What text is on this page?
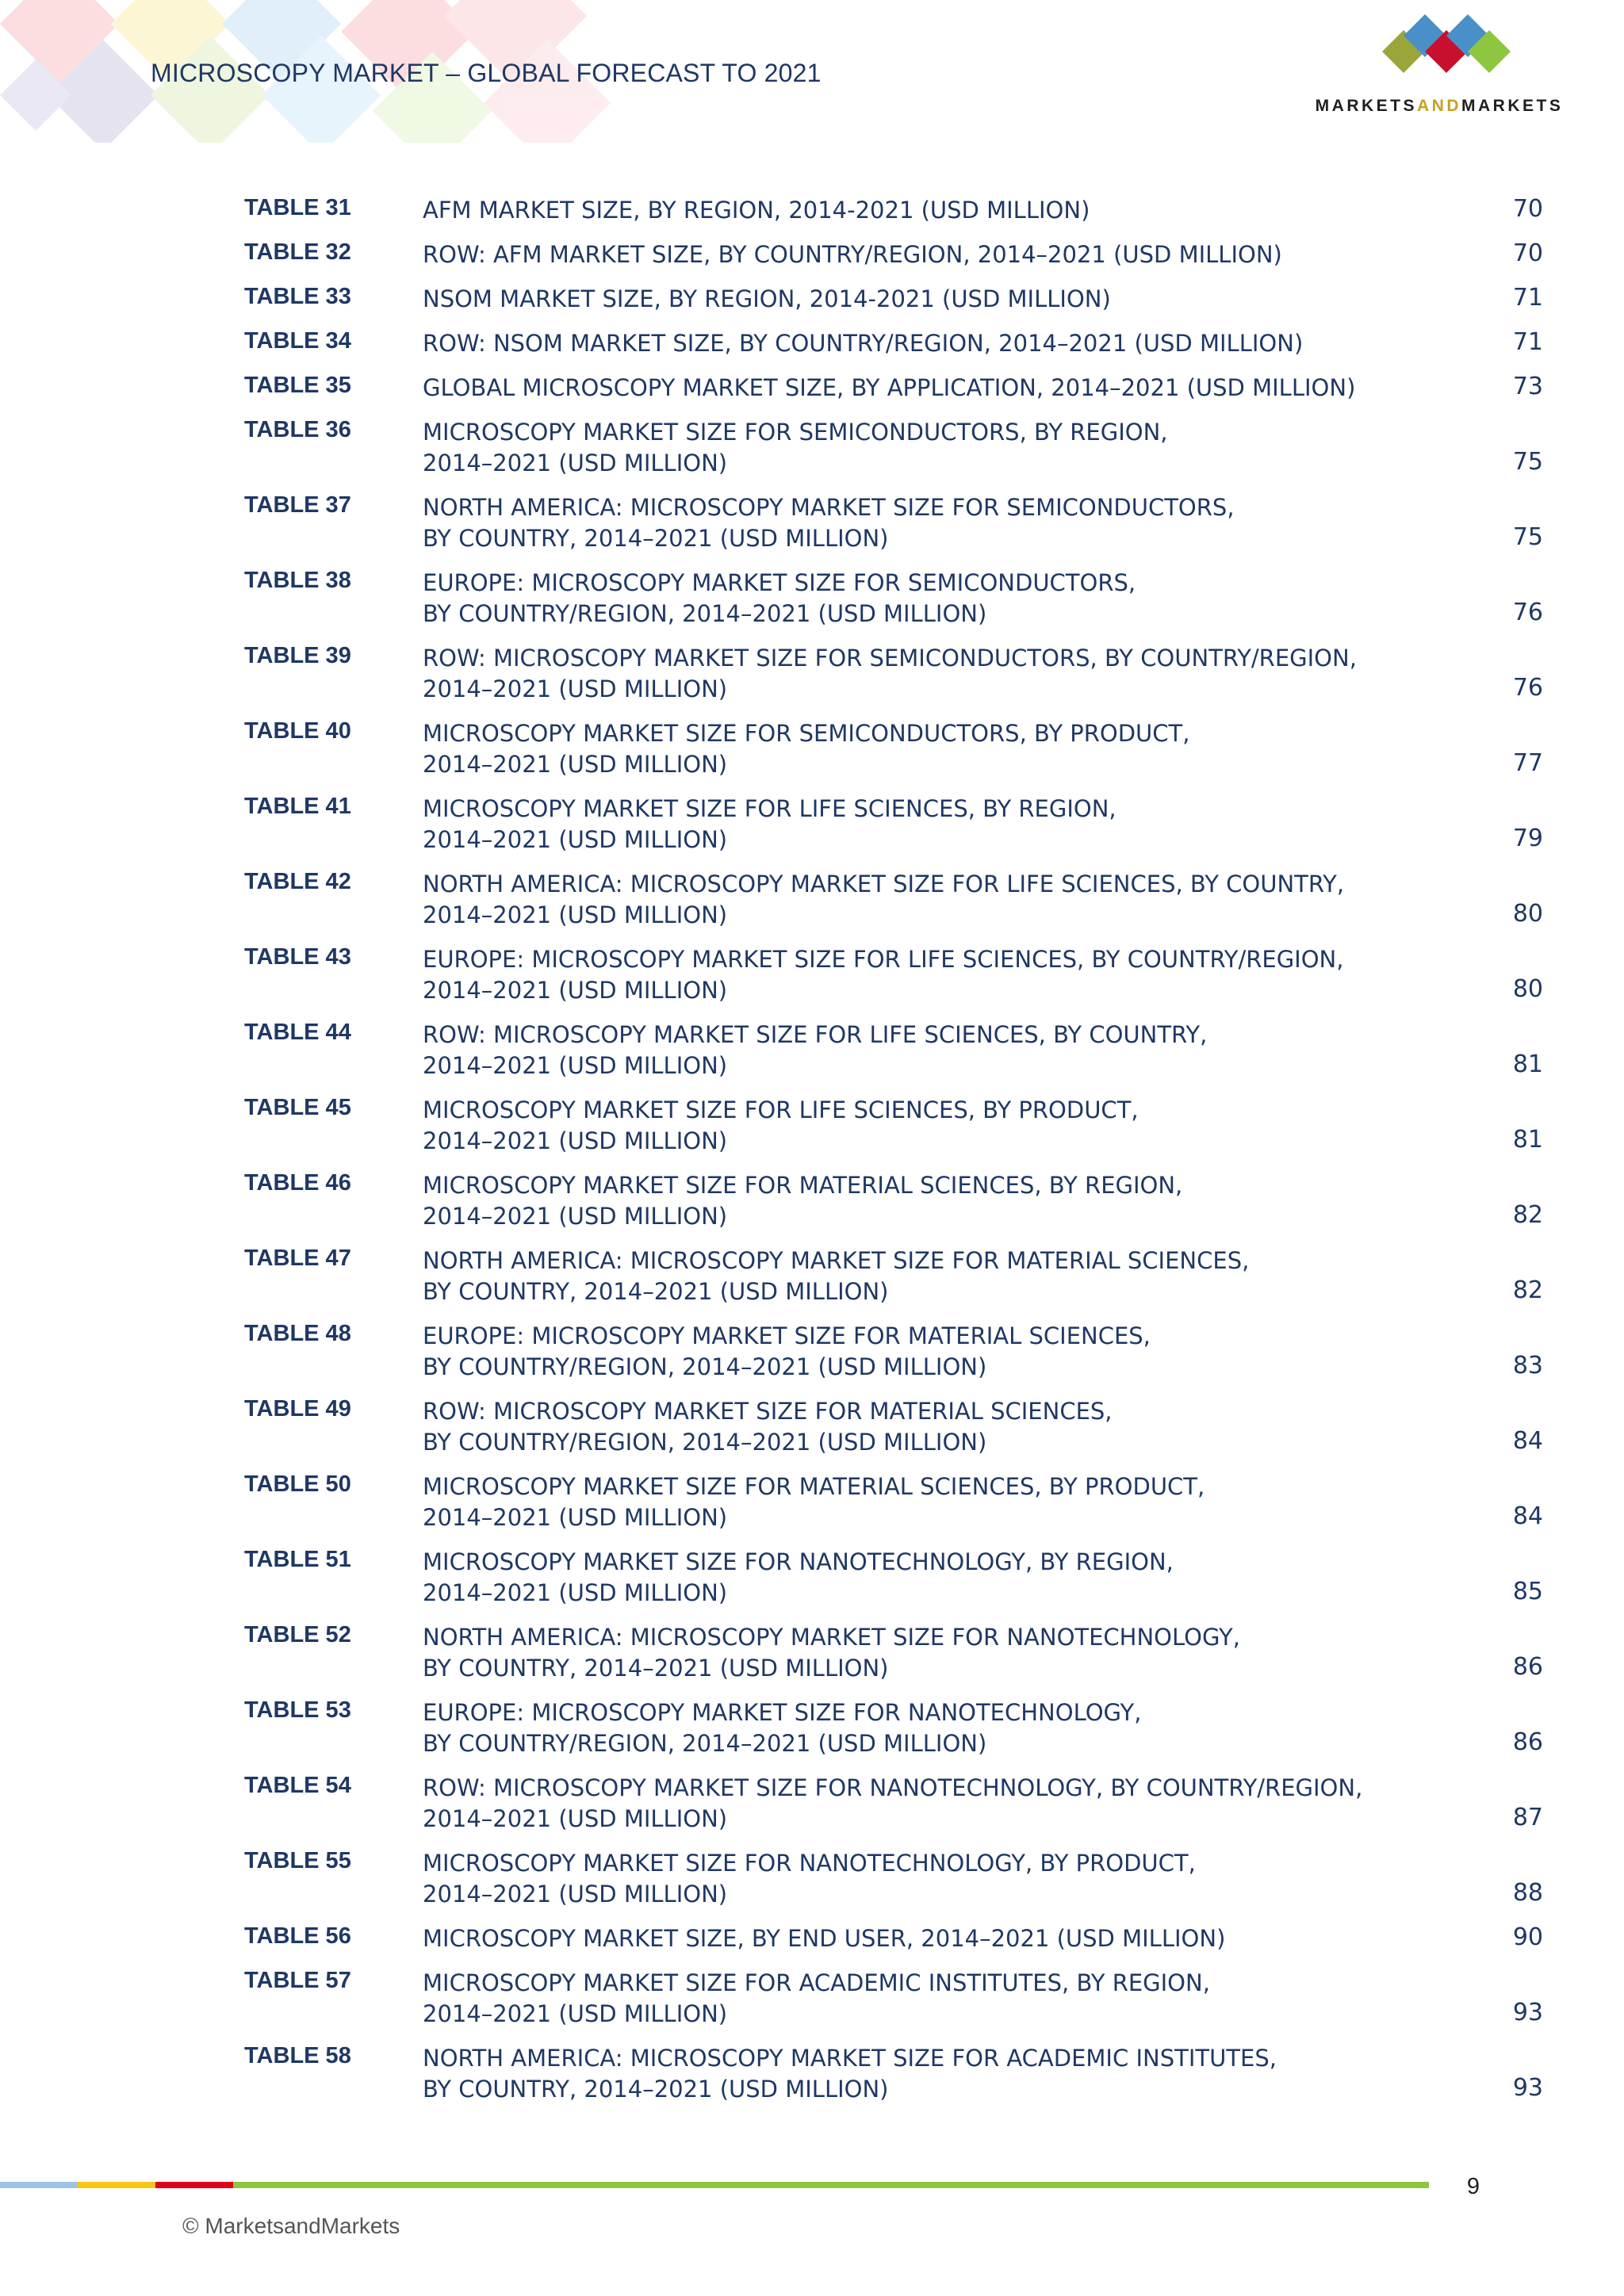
MICROSCOPY MARKET – GLOBAL FORECAST TO 2021
MARKETSANDMARKETS
TABLE 31	AFM MARKET SIZE, BY REGION, 2014-2021 (USD MILLION)	70
TABLE 32	ROW: AFM MARKET SIZE, BY COUNTRY/REGION, 2014–2021 (USD MILLION)	70
TABLE 33	NSOM MARKET SIZE, BY REGION, 2014-2021 (USD MILLION)	71
TABLE 34	ROW: NSOM MARKET SIZE, BY COUNTRY/REGION, 2014–2021 (USD MILLION)	71
TABLE 35	GLOBAL MICROSCOPY MARKET SIZE, BY APPLICATION, 2014–2021 (USD MILLION)	73
TABLE 36	MICROSCOPY MARKET SIZE FOR SEMICONDUCTORS, BY REGION,
2014–2021 (USD MILLION)	75
TABLE 37	NORTH AMERICA: MICROSCOPY MARKET SIZE FOR SEMICONDUCTORS,
BY COUNTRY, 2014–2021 (USD MILLION)	75
TABLE 38	EUROPE: MICROSCOPY MARKET SIZE FOR SEMICONDUCTORS,
BY COUNTRY/REGION, 2014–2021 (USD MILLION)	76
TABLE 39	ROW: MICROSCOPY MARKET SIZE FOR SEMICONDUCTORS, BY COUNTRY/REGION,
2014–2021 (USD MILLION)	76
TABLE 40	MICROSCOPY MARKET SIZE FOR SEMICONDUCTORS, BY PRODUCT,
2014–2021 (USD MILLION)	77
TABLE 41	MICROSCOPY MARKET SIZE FOR LIFE SCIENCES, BY REGION,
2014–2021 (USD MILLION)	79
TABLE 42	NORTH AMERICA: MICROSCOPY MARKET SIZE FOR LIFE SCIENCES, BY COUNTRY,
2014–2021 (USD MILLION)	80
TABLE 43	EUROPE: MICROSCOPY MARKET SIZE FOR LIFE SCIENCES, BY COUNTRY/REGION,
2014–2021 (USD MILLION)	80
TABLE 44	ROW: MICROSCOPY MARKET SIZE FOR LIFE SCIENCES, BY COUNTRY,
2014–2021 (USD MILLION)	81
TABLE 45	MICROSCOPY MARKET SIZE FOR LIFE SCIENCES, BY PRODUCT,
2014–2021 (USD MILLION)	81
TABLE 46	MICROSCOPY MARKET SIZE FOR MATERIAL SCIENCES, BY REGION,
2014–2021 (USD MILLION)	82
TABLE 47	NORTH AMERICA: MICROSCOPY MARKET SIZE FOR MATERIAL SCIENCES,
BY COUNTRY, 2014–2021 (USD MILLION)	82
TABLE 48	EUROPE: MICROSCOPY MARKET SIZE FOR MATERIAL SCIENCES,
BY COUNTRY/REGION, 2014–2021 (USD MILLION)	83
TABLE 49	ROW: MICROSCOPY MARKET SIZE FOR MATERIAL SCIENCES,
BY COUNTRY/REGION, 2014–2021 (USD MILLION)	84
TABLE 50	MICROSCOPY MARKET SIZE FOR MATERIAL SCIENCES, BY PRODUCT,
2014–2021 (USD MILLION)	84
TABLE 51	MICROSCOPY MARKET SIZE FOR NANOTECHNOLOGY, BY REGION,
2014–2021 (USD MILLION)	85
TABLE 52	NORTH AMERICA: MICROSCOPY MARKET SIZE FOR NANOTECHNOLOGY,
BY COUNTRY, 2014–2021 (USD MILLION)	86
TABLE 53	EUROPE: MICROSCOPY MARKET SIZE FOR NANOTECHNOLOGY,
BY COUNTRY/REGION, 2014–2021 (USD MILLION)	86
TABLE 54	ROW: MICROSCOPY MARKET SIZE FOR NANOTECHNOLOGY, BY COUNTRY/REGION,
2014–2021 (USD MILLION)	87
TABLE 55	MICROSCOPY MARKET SIZE FOR NANOTECHNOLOGY, BY PRODUCT,
2014–2021 (USD MILLION)	88
TABLE 56	MICROSCOPY MARKET SIZE, BY END USER, 2014–2021 (USD MILLION)	90
TABLE 57	MICROSCOPY MARKET SIZE FOR ACADEMIC INSTITUTES, BY REGION,
2014–2021 (USD MILLION)	93
TABLE 58	NORTH AMERICA: MICROSCOPY MARKET SIZE FOR ACADEMIC INSTITUTES,
BY COUNTRY, 2014–2021 (USD MILLION)	93
9
© MarketsandMarkets
